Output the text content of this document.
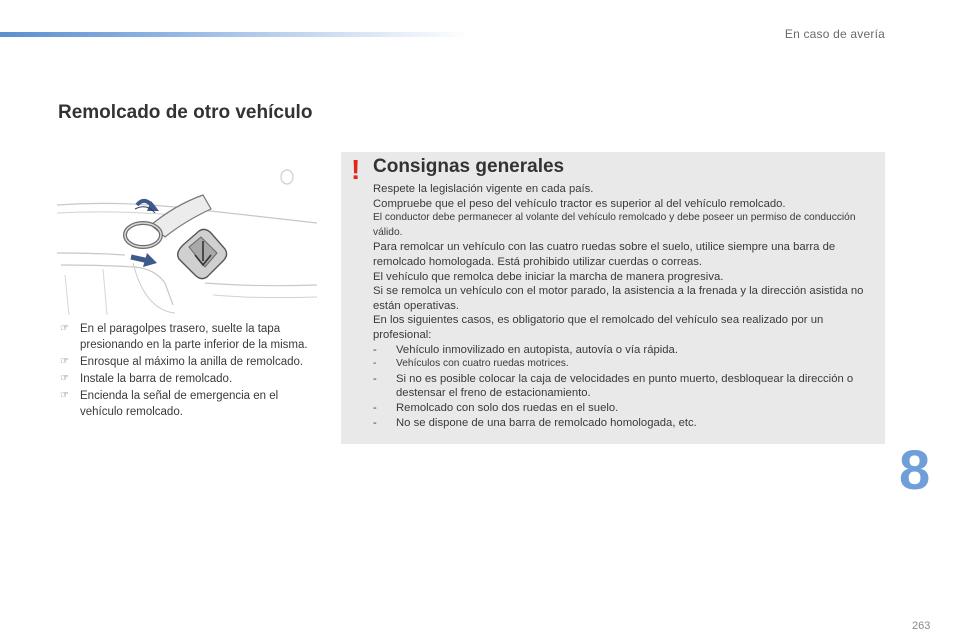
En caso de avería
Remolcado de otro vehículo
☞ En el paragolpes trasero, suelte la tapa presionando en la parte inferior de la misma.
☞ Enrosque al máximo la anilla de remolcado.
☞ Instale la barra de remolcado.
☞ Encienda la señal de emergencia en el vehículo remolcado.
! Consignas generales

Respete la legislación vigente en cada país.

Compruebe que el peso del vehículo tractor es superior al del vehículo remolcado.

El conductor debe permanecer al volante del vehículo remolcado y debe poseer un permiso de conducción válido.

Para remolcar un vehículo con las cuatro ruedas sobre el suelo, utilice siempre una barra de remolcado homologada. Está prohibido utilizar cuerdas o correas.

El vehículo que remolca debe iniciar la marcha de manera progresiva.

Si se remolca un vehículo con el motor parado, la asistencia a la frenada y la dirección asistida no están operativas.

En los siguientes casos, es obligatorio que el remolcado del vehículo sea realizado por un profesional:

- Vehículo inmovilizado en autopista, autovía o vía rápida.
- Vehículos con cuatro ruedas motrices.
- Si no es posible colocar la caja de velocidades en punto muerto, desbloquear la dirección o destensar el freno de estacionamiento.
- Remolcado con solo dos ruedas en el suelo.
- No se dispone de una barra de remolcado homologada, etc.
8
263
